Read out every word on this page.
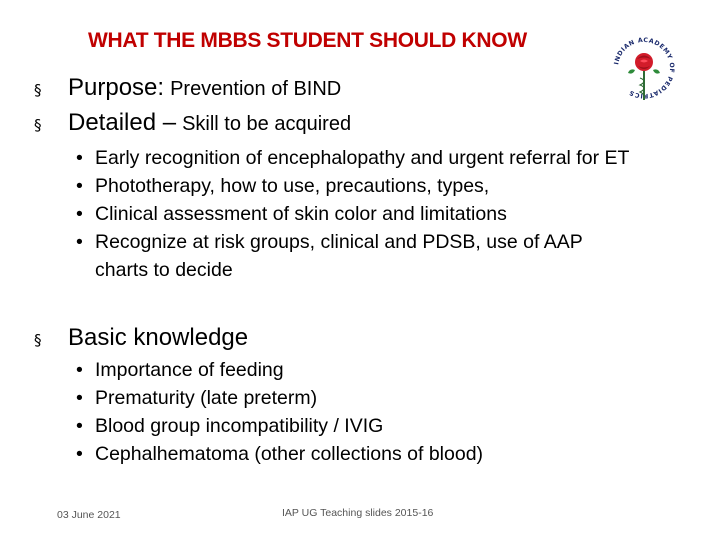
WHAT THE MBBS STUDENT SHOULD KNOW
INDIAN ACADEMY OF PEDIATRICS
§	Purpose: Prevention of BIND
§	Detailed – Skill to be acquired
• Early recognition of encephalopathy and urgent referral for ET
• Phototherapy, how to use, precautions, types,
• Clinical assessment of skin color and limitations
• Recognize at risk groups, clinical and PDSB, use of AAP charts to decide
§	Basic knowledge
• Importance of feeding
• Prematurity (late preterm)
• Blood group incompatibility / IVIG
• Cephalhematoma (other collections of blood)
03 June 2021	IAP UG Teaching slides 2015-16
